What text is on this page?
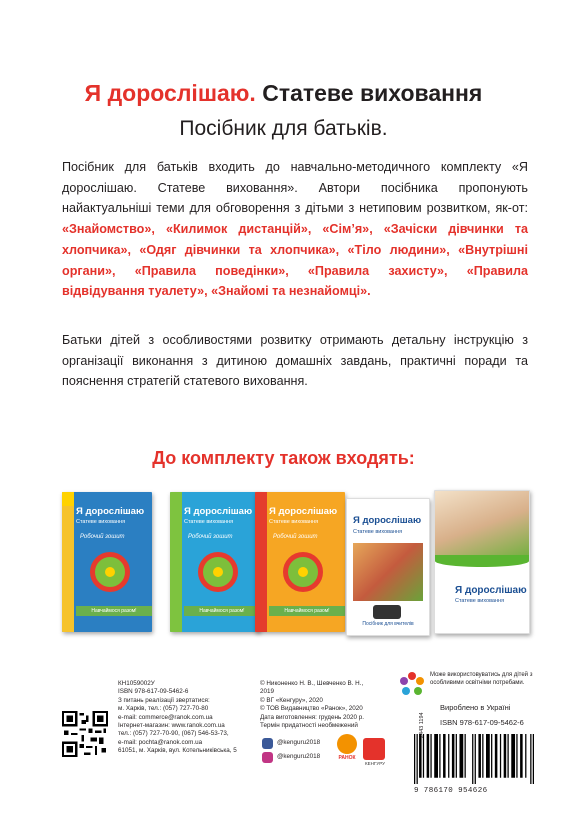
Я дорослішаю. Статеве виховання
Посібник для батьків.
Посібник для батьків входить до навчально-методичного комплекту «Я дорослішаю. Статеве виховання». Автори посібника пропонують найактуальніші теми для обговорення з дітьми з нетиповим розвитком, як-от: «Знайомство», «Килимок дистанцій», «Сім’я», «Зачіски дівчинки та хлопчика», «Одяг дівчинки та хлопчика», «Тіло людини», «Внутрішні органи», «Правила поведінки», «Правила захисту», «Правила відвідування туалету», «Знайомі та незнайомці».
Батьки дітей з особливостями розвитку отримають детальну інструкцію з організації виконання з дитиною домашніх завдань, практичні поради та пояснення стратегій статевого виховання.
До комплекту також входять:
Я дорослішаю
Статеве виховання
Робочий зошит
Навчаймося разом!
Я дорослішаю
Статеве виховання
Робочий зошит
Навчаймося разом!
Я дорослішаю
Статеве виховання
Робочий зошит
Навчаймося разом!
Я дорослішаю
Статеве виховання
Посібник для вчителів
Я дорослішаю
Статеве виховання
КН1059002У
ISBN 978-617-09-5462-6
З питань реалізації звертатися:
м. Харків, тел.: (057) 727-70-80
e-mail: commerce@ranok.com.ua
Інтернет-магазин: www.ranok.com.ua
тел.: (057) 727-70-90, (067) 546-53-73,
e-mail: pochta@ranok.com.ua
61051, м. Харків, вул. Котельниківська, 5
© Никоненко Н. В., Шевченко В. Н., 2019
© ВГ «Кенгуру», 2020
© ТОВ Видавництво «Ранок», 2020
Дата виготовлення: грудень 2020 р.
Термін придатності необмежений
@kenguru2018
@kenguru2018	РАНОК
КЕНГУРУ
Може використовуватись для дітей з особливими освітніми потребами.
Вироблено в Україні
ISBN 978-617-09-5462-6
9 786170 954626
2443 1194
